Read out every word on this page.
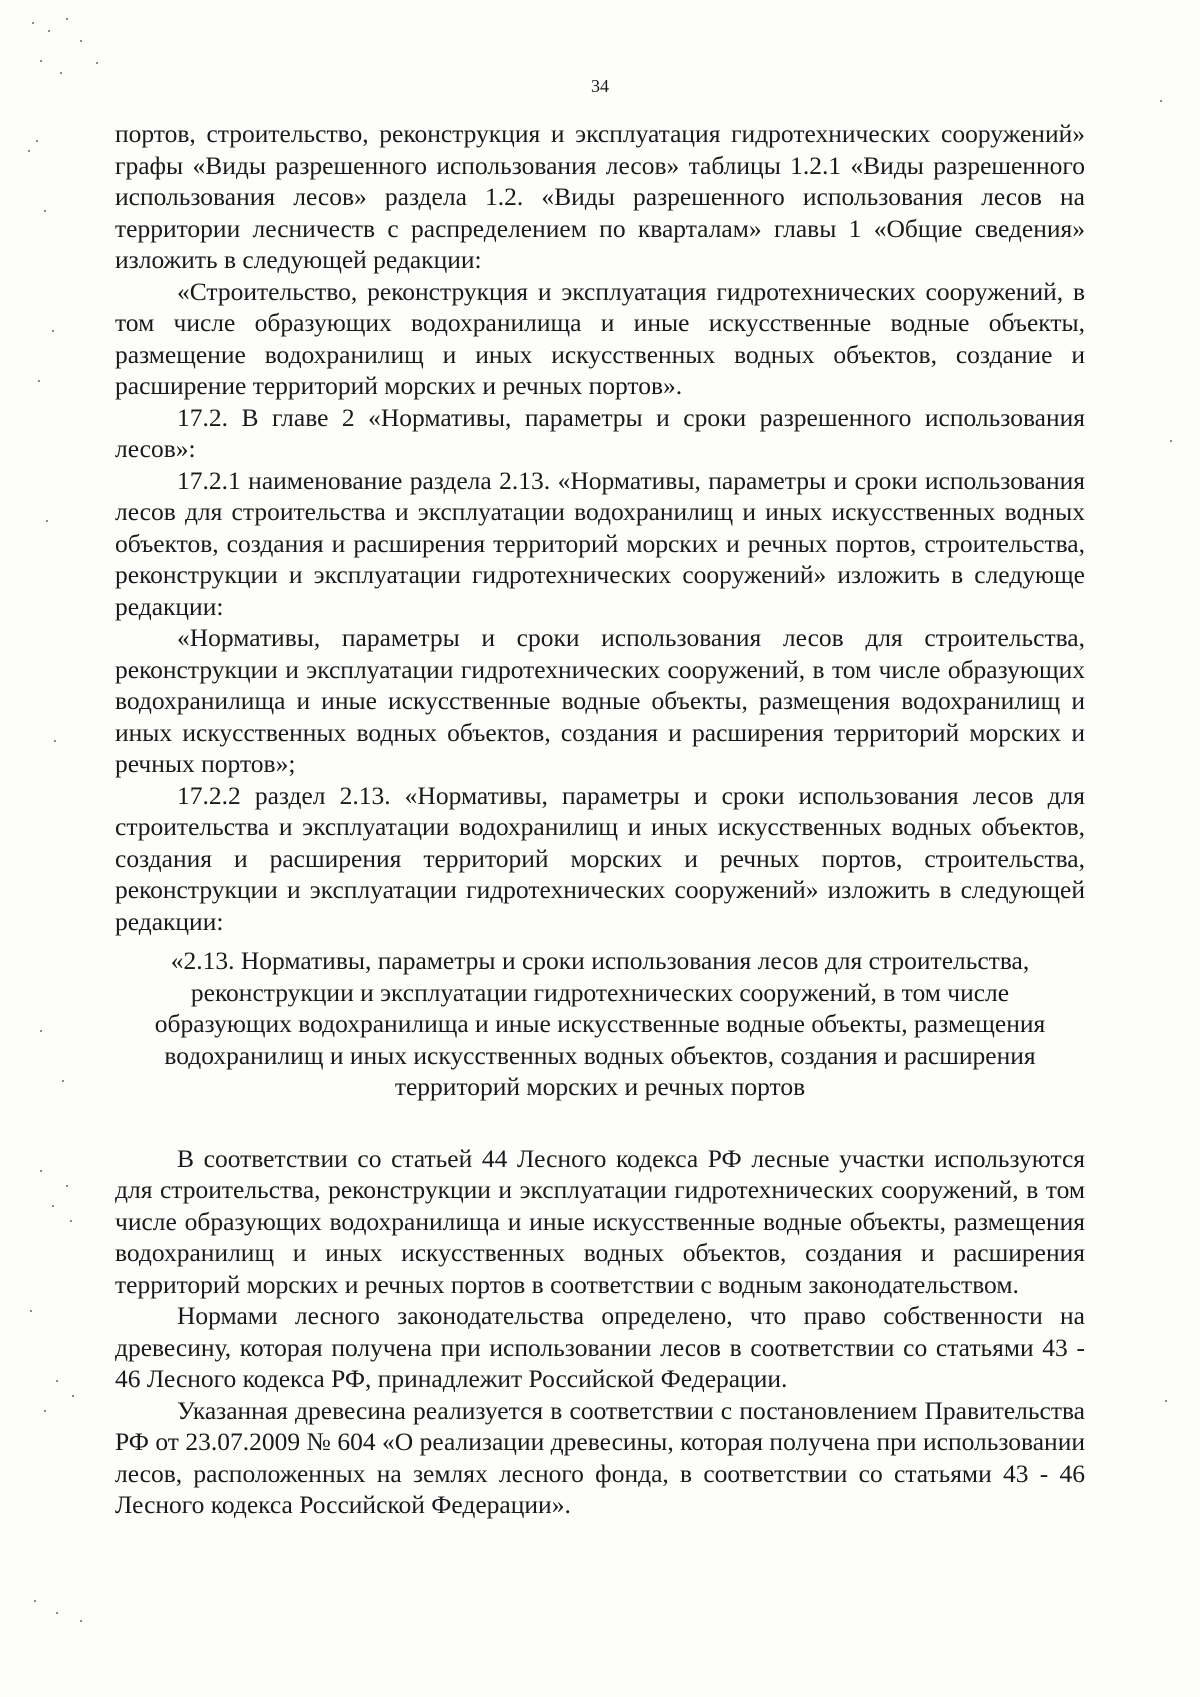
34

портов, строительство, реконструкция и эксплуатация гидротехнических сооружений» графы «Виды разрешенного использования лесов» таблицы 1.2.1 «Виды разрешенного использования лесов» раздела 1.2. «Виды разрешенного использования лесов на территории лесничеств с распределением по кварталам» главы 1 «Общие сведения» изложить в следующей редакции:

«Строительство, реконструкция и эксплуатация гидротехнических сооружений, в том числе образующих водохранилища и иные искусственные водные объекты, размещение водохранилищ и иных искусственных водных объектов, создание и расширение территорий морских и речных портов».

17.2. В главе 2 «Нормативы, параметры и сроки разрешенного использования лесов»:

17.2.1 наименование раздела 2.13. «Нормативы, параметры и сроки использования лесов для строительства и эксплуатации водохранилищ и иных искусственных водных объектов, создания и расширения территорий морских и речных портов, строительства, реконструкции и эксплуатации гидротехнических сооружений» изложить в следующе редакции:

«Нормативы, параметры и сроки использования лесов для строительства, реконструкции и эксплуатации гидротехнических сооружений, в том числе образующих водохранилища и иные искусственные водные объекты, размещения водохранилищ и иных искусственных водных объектов, создания и расширения территорий морских и речных портов»;

17.2.2 раздел 2.13. «Нормативы, параметры и сроки использования лесов для строительства и эксплуатации водохранилищ и иных искусственных водных объектов, создания и расширения территорий морских и речных портов, строительства, реконструкции и эксплуатации гидротехнических сооружений» изложить в следующей редакции:

«2.13. Нормативы, параметры и сроки использования лесов для строительства, реконструкции и эксплуатации гидротехнических сооружений, в том числе образующих водохранилища и иные искусственные водные объекты, размещения водохранилищ и иных искусственных водных объектов, создания и расширения территорий морских и речных портов

В соответствии со статьей 44 Лесного кодекса РФ лесные участки используются для строительства, реконструкции и эксплуатации гидротехнических сооружений, в том числе образующих водохранилища и иные искусственные водные объекты, размещения водохранилищ и иных искусственных водных объектов, создания и расширения территорий морских и речных портов в соответствии с водным законодательством.

Нормами лесного законодательства определено, что право собственности на древесину, которая получена при использовании лесов в соответствии со статьями 43 - 46 Лесного кодекса РФ, принадлежит Российской Федерации.

Указанная древесина реализуется в соответствии с постановлением Правительства РФ от 23.07.2009 № 604 «О реализации древесины, которая получена при использовании лесов, расположенных на землях лесного фонда, в соответствии со статьями 43 - 46 Лесного кодекса Российской Федерации».
